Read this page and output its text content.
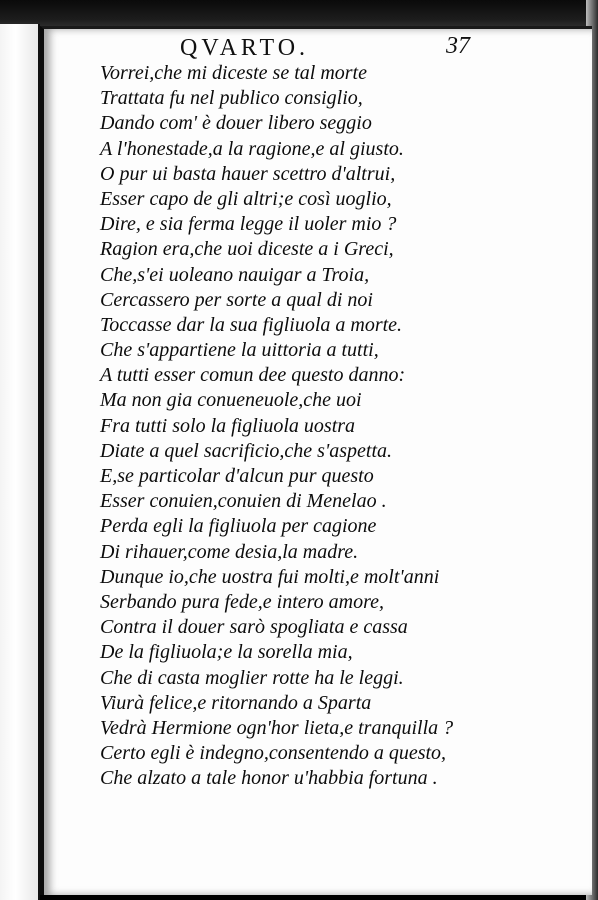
QVARTO.	37
Vorrei,che mi diceste se tal morte
Trattata fu nel publico consiglio,
Dando com' è douer libero seggio
A l'honestade,a la ragione,e al giusto.
O pur ui basta hauer scettro d'altrui,
Esser capo de gli altri;e così uoglio,
Dire, e sia ferma legge il uoler mio ?
Ragion era,che uoi diceste a i Greci,
Che,s'ei uoleano nauigar a Troia,
Cercassero per sorte a qual di noi
Toccasse dar la sua figliuola a morte.
Che s'appartiene la uittoria a tutti,
A tutti esser comun dee questo danno:
Ma non gia conueneuole,che uoi
Fra tutti solo la figliuola uostra
Diate a quel sacrificio,che s'aspetta.
E,se particolar d'alcun pur questo
Esser conuien,conuien di Menelao .
Perda egli la figliuola per cagione
Di rihauer,come desia,la madre.
Dunque io,che uostra fui molti,e molt'anni
Serbando pura fede,e intero amore,
Contra il douer sarò spogliata e cassa
De la figliuola;e la sorella mia,
Che di casta moglier rotte ha le leggi.
Viurà felice,e ritornando a Sparta
Vedrà Hermione ogn'hor lieta,e tranquilla ?
Certo egli è indegno,consentendo a questo,
Che alzato a tale honor u'habbia fortuna .
